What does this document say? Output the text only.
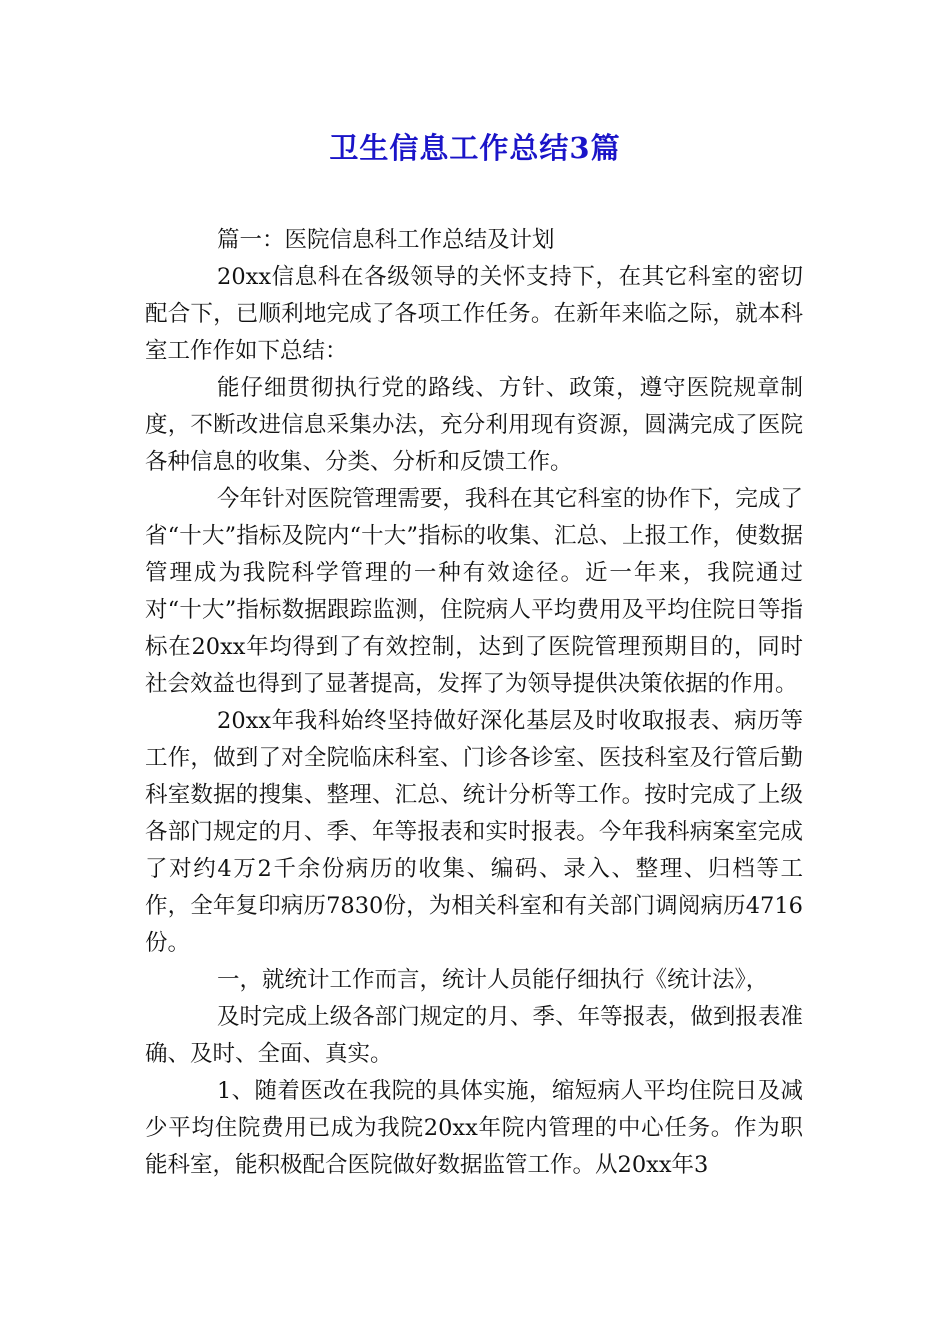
卫生信息工作总结3篇

篇一：医院信息科工作总结及计划

20xx信息科在各级领导的关怀支持下，在其它科室的密切配合下，已顺利地完成了各项工作任务。在新年来临之际，就本科室工作作如下总结：

能仔细贯彻执行党的路线、方针、政策，遵守医院规章制度，不断改进信息采集办法，充分利用现有资源，圆满完成了医院各种信息的收集、分类、分析和反馈工作。

今年针对医院管理需要，我科在其它科室的协作下，完成了省“十大”指标及院内“十大”指标的收集、汇总、上报工作，使数据管理成为我院科学管理的一种有效途径。近一年来，我院通过对“十大”指标数据跟踪监测，住院病人平均费用及平均住院日等指标在20xx年均得到了有效控制，达到了医院管理预期目的，同时社会效益也得到了显著提高，发挥了为领导提供决策依据的作用。

20xx年我科始终坚持做好深化基层及时收取报表、病历等工作，做到了对全院临床科室、门诊各诊室、医技科室及行管后勤科室数据的搜集、整理、汇总、统计分析等工作。按时完成了上级各部门规定的月、季、年等报表和实时报表。今年我科病案室完成了对约4万2千余份病历的收集、编码、录入、整理、归档等工作，全年复印病历7830份，为相关科室和有关部门调阅病历4716份。

一，就统计工作而言，统计人员能仔细执行《统计法》，

及时完成上级各部门规定的月、季、年等报表，做到报表准确、及时、全面、真实。

1、随着医改在我院的具体实施，缩短病人平均住院日及减少平均住院费用已成为我院20xx年院内管理的中心任务。作为职能科室，能积极配合医院做好数据监管工作。从20xx年3
